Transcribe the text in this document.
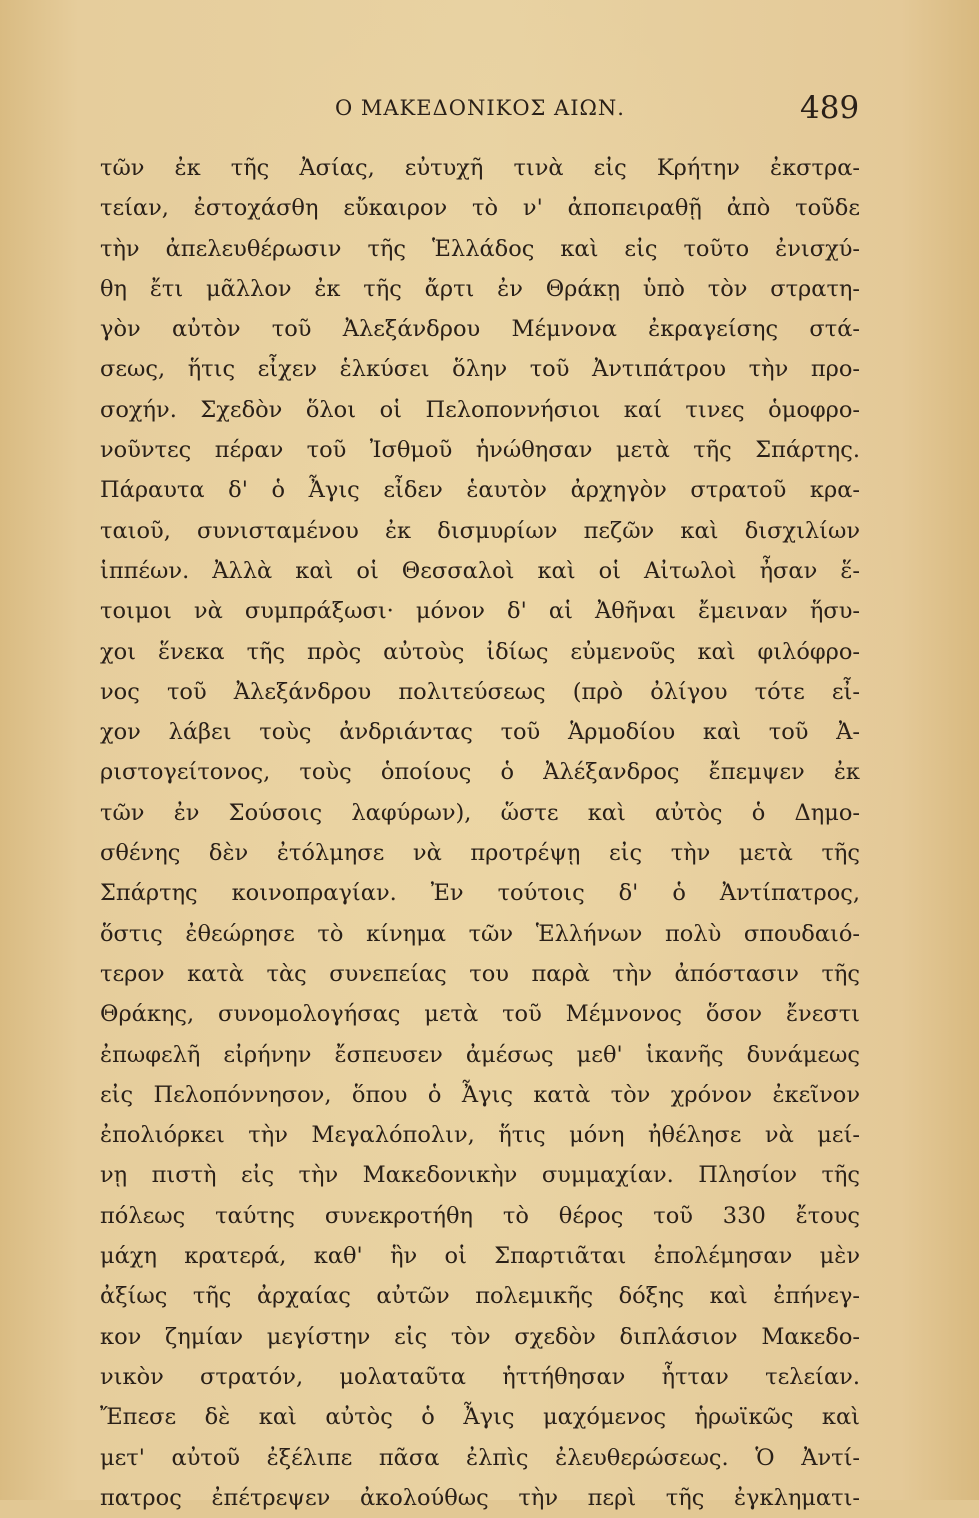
Ο ΜΑΚΕΔΟΝΙΚΟΣ ΑΙΩΝ.	489
τῶν ἐκ τῆς Ἀσίας, εὐτυχῆ τινὰ εἰς Κρήτην ἐκστρα-
τείαν, ἐστοχάσθη εὔκαιρον τὸ ν' ἀποπειραθῇ ἀπὸ τοῦδε
τὴν ἀπελευθέρωσιν τῆς Ἑλλάδος καὶ εἰς τοῦτο ἐνισχύ-
θη ἔτι μᾶλλον ἐκ τῆς ἄρτι ἐν Θράκῃ ὑπὸ τὸν στρατη-
γὸν αὐτὸν τοῦ Ἀλεξάνδρου Μέμνονα ἐκραγείσης στά-
σεως, ἥτις εἶχεν ἑλκύσει ὅλην τοῦ Ἀντιπάτρου τὴν προ-
σοχήν. Σχεδὸν ὅλοι οἱ Πελοποννήσιοι καί τινες ὁμοφρο-
νοῦντες πέραν τοῦ Ἰσθμοῦ ἡνώθησαν μετὰ τῆς Σπάρτης.
Πάραυτα δ' ὁ Ἆγις εἶδεν ἑαυτὸν ἀρχηγὸν στρατοῦ κρα-
ταιοῦ, συνισταμένου ἐκ δισμυρίων πεζῶν καὶ δισχιλίων
ἱππέων. Ἀλλὰ καὶ οἱ Θεσσαλοὶ καὶ οἱ Αἰτωλοὶ ἦσαν ἕ-
τοιμοι νὰ συμπράξωσι· μόνον δ' αἱ Ἀθῆναι ἔμειναν ἥσυ-
χοι ἕνεκα τῆς πρὸς αὐτοὺς ἰδίως εὐμενοῦς καὶ φιλόφρο-
νος τοῦ Ἀλεξάνδρου πολιτεύσεως (πρὸ ὀλίγου τότε εἶ-
χον λάβει τοὺς ἀνδριάντας τοῦ Ἁρμοδίου καὶ τοῦ Ἀ-
ριστογείτονος, τοὺς ὁποίους ὁ Ἀλέξανδρος ἔπεμψεν ἐκ
τῶν ἐν Σούσοις λαφύρων), ὥστε καὶ αὐτὸς ὁ Δημο-
σθένης δὲν ἐτόλμησε νὰ προτρέψῃ εἰς τὴν μετὰ τῆς
Σπάρτης κοινοπραγίαν. Ἐν τούτοις δ' ὁ Ἀντίπατρος,
ὅστις ἐθεώρησε τὸ κίνημα τῶν Ἑλλήνων πολὺ σπουδαιό-
τερον κατὰ τὰς συνεπείας του παρὰ τὴν ἀπόστασιν τῆς
Θράκης, συνομολογήσας μετὰ τοῦ Μέμνονος ὅσον ἔνεστι
ἐπωφελῆ εἰρήνην ἔσπευσεν ἀμέσως μεθ' ἱκανῆς δυνάμεως
εἰς Πελοπόννησον, ὅπου ὁ Ἆγις κατὰ τὸν χρόνον ἐκεῖνον
ἐπολιόρκει τὴν Μεγαλόπολιν, ἥτις μόνη ἠθέλησε νὰ μεί-
νῃ πιστὴ εἰς τὴν Μακεδονικὴν συμμαχίαν. Πλησίον τῆς
πόλεως ταύτης συνεκροτήθη τὸ θέρος τοῦ 330 ἔτους
μάχη κρατερά, καθ' ἣν οἱ Σπαρτιᾶται ἐπολέμησαν μὲν
ἀξίως τῆς ἀρχαίας αὐτῶν πολεμικῆς δόξης καὶ ἐπήνεγ-
κον ζημίαν μεγίστην εἰς τὸν σχεδὸν διπλάσιον Μακεδο-
νικὸν στρατόν, μολαταῦτα ἡττήθησαν ἧτταν τελείαν.
Ἔπεσε δὲ καὶ αὐτὸς ὁ Ἆγις μαχόμενος ἡρωϊκῶς καὶ
μετ' αὐτοῦ ἐξέλιπε πᾶσα ἐλπὶς ἐλευθερώσεως. Ὁ Ἀντί-
πατρος ἐπέτρεψεν ἀκολούθως τὴν περὶ τῆς ἐγκληματι-
